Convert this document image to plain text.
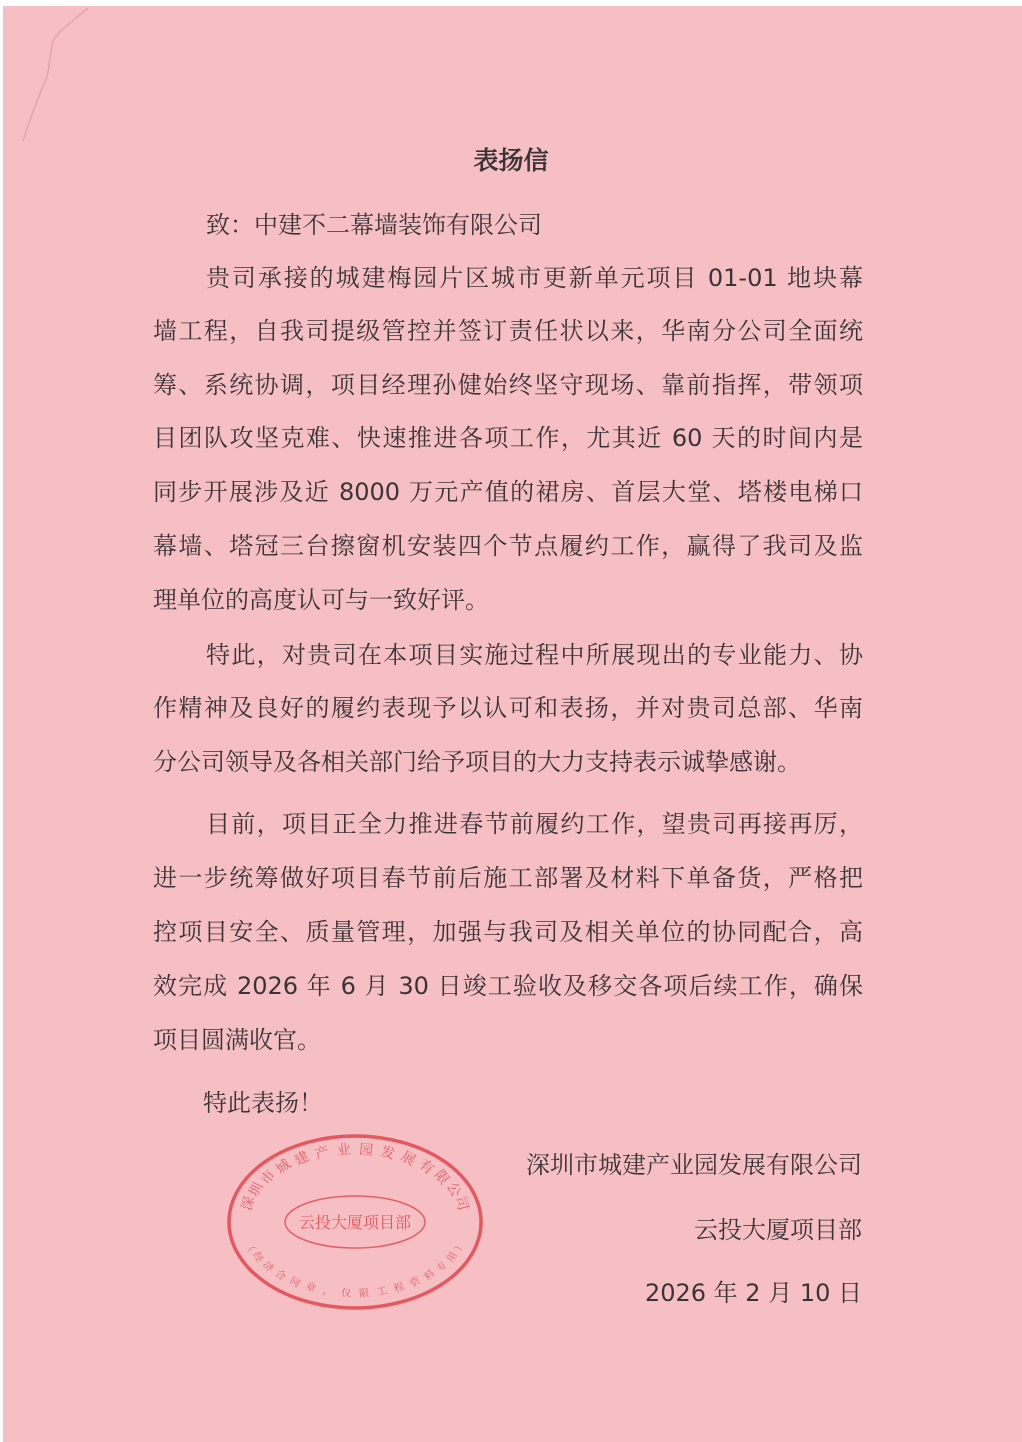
表扬信
致：中建不二幕墙装饰有限公司
贵司承接的城建梅园片区城市更新单元项目 01-01 地块幕
墙工程，自我司提级管控并签订责任状以来，华南分公司全面统
筹、系统协调，项目经理孙健始终坚守现场、靠前指挥，带领项
目团队攻坚克难、快速推进各项工作，尤其近 60 天的时间内是
同步开展涉及近 8000 万元产值的裙房、首层大堂、塔楼电梯口
幕墙、塔冠三台擦窗机安装四个节点履约工作，赢得了我司及监
理单位的高度认可与一致好评。
特此，对贵司在本项目实施过程中所展现出的专业能力、协
作精神及良好的履约表现予以认可和表扬，并对贵司总部、华南
分公司领导及各相关部门给予项目的大力支持表示诚挚感谢。
目前，项目正全力推进春节前履约工作，望贵司再接再厉，
进一步统筹做好项目春节前后施工部署及材料下单备货，严格把
控项目安全、质量管理，加强与我司及相关单位的协同配合，高
效完成 2026 年 6 月 30 日竣工验收及移交各项后续工作，确保
项目圆满收官。
特此表扬！
云投大厦项目部
深
圳
市
城
建 产 业 园 发 展
有
限
公
司
（
经
济
合 同 章 ， 仅 限 工 程 资 料
专
用
）
深圳市城建产业园发展有限公司
云投大厦项目部
2026 年 2 月 10 日
